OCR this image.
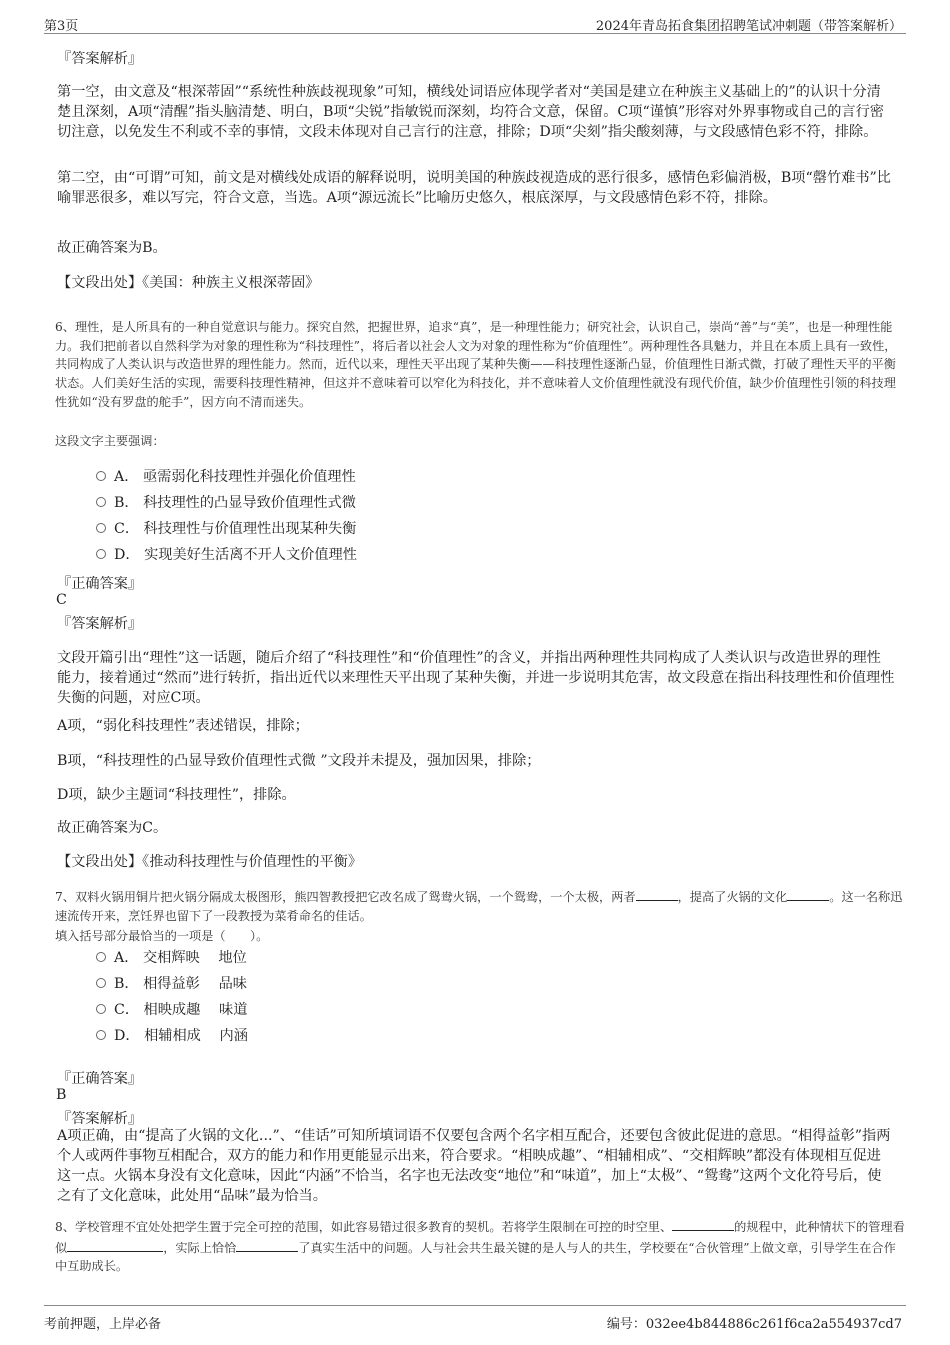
第3页	2024年青岛拓食集团招聘笔试冲刺题（带答案解析）
『答案解析』
第一空，由文意及“根深蒂固”“系统性种族歧视现象”可知，横线处词语应体现学者对“美国是建立在种族主义基础上的”的认识十分清楚且深刻，A项“清醒”指头脑清楚、明白，B项“尖锐”指敏锐而深刻，均符合文意，保留。C项“谨慎”形容对外界事物或自己的言行密切注意，以免发生不利或不幸的事情，文段未体现对自己言行的注意，排除；D项“尖刻”指尖酸刻薄，与文段感情色彩不符，排除。
第二空，由“可谓”可知，前文是对横线处成语的解释说明，说明美国的种族歧视造成的恶行很多，感情色彩偏消极，B项“罄竹难书”比喻罪恶很多，难以写完，符合文意，当选。A项“源远流长”比喻历史悠久，根底深厚，与文段感情色彩不符，排除。
故正确答案为B。
【文段出处】《美国：种族主义根深蒂固》
6、理性，是人所具有的一种自觉意识与能力。探究自然，把握世界，追求“真”，是一种理性能力；研究社会，认识自己，崇尚“善”与“美”，也是一种理性能力。我们把前者以自然科学为对象的理性称为“科技理性”，将后者以社会人文为对象的理性称为“价值理性”。两种理性各具魅力，并且在本质上具有一致性，共同构成了人类认识与改造世界的理性能力。然而，近代以来，理性天平出现了某种失衡——科技理性逐渐凸显，价值理性日渐式微，打破了理性天平的平衡状态。人们美好生活的实现，需要科技理性精神，但这并不意味着可以窄化为科技化，并不意味着人文价值理性就没有现代价值，缺少价值理性引领的科技理性犹如“没有罗盘的舵手”，因方向不清而迷失。
这段文字主要强调：
A． 亟需弱化科技理性并强化价值理性
B． 科技理性的凸显导致价值理性式微
C． 科技理性与价值理性出现某种失衡
D． 实现美好生活离不开人文价值理性
『正确答案』
C
『答案解析』
文段开篇引出“理性”这一话题，随后介绍了“科技理性”和“价值理性”的含义，并指出两种理性共同构成了人类认识与改造世界的理性能力，接着通过“然而”进行转折，指出近代以来理性天平出现了某种失衡，并进一步说明其危害，故文段意在指出科技理性和价值理性失衡的问题，对应C项。
A项，“弱化科技理性”表述错误，排除；
B项，“科技理性的凸显导致价值理性式微 ”文段并未提及，强加因果，排除；
D项，缺少主题词“科技理性”，排除。
故正确答案为C。
【文段出处】《推动科技理性与价值理性的平衡》
7、双料火锅用铜片把火锅分隔成太极图形，熊四智教授把它改名成了鸳鸯火锅，一个鸳鸯，一个太极，两者	，提高了火锅的文化	。这一名称迅速流传开来，烹饪界也留下了一段教授为菜肴命名的佳话。
填入括号部分最恰当的一项是（　　）。
A． 交相辉映　 地位
B． 相得益彰　 品味
C． 相映成趣　 味道
D． 相辅相成　 内涵
『正确答案』
B
『答案解析』
A项正确，由“提高了火锅的文化...”、“佳话”可知所填词语不仅要包含两个名字相互配合，还要包含彼此促进的意思。“相得益彰”指两个人或两件事物互相配合，双方的能力和作用更能显示出来，符合要求。“相映成趣”、“相辅相成”、“交相辉映”都没有体现相互促进这一点。火锅本身没有文化意味，因此“内涵”不恰当，名字也无法改变“地位”和“味道”，加上“太极”、“鸳鸯”这两个文化符号后，使之有了文化意味，此处用“品味”最为恰当。
8、学校管理不宜处处把学生置于完全可控的范围，如此容易错过很多教育的契机。若将学生限制在可控的时空里、	的规程中，此种情状下的管理看似	，实际上恰恰	了真实生活中的问题。人与社会共生最关键的是人与人的共生，学校要在“合伙管理”上做文章，引导学生在合作中互助成长。
考前押题，上岸必备	编号：032ee4b844886c261f6ca2a554937cd7
